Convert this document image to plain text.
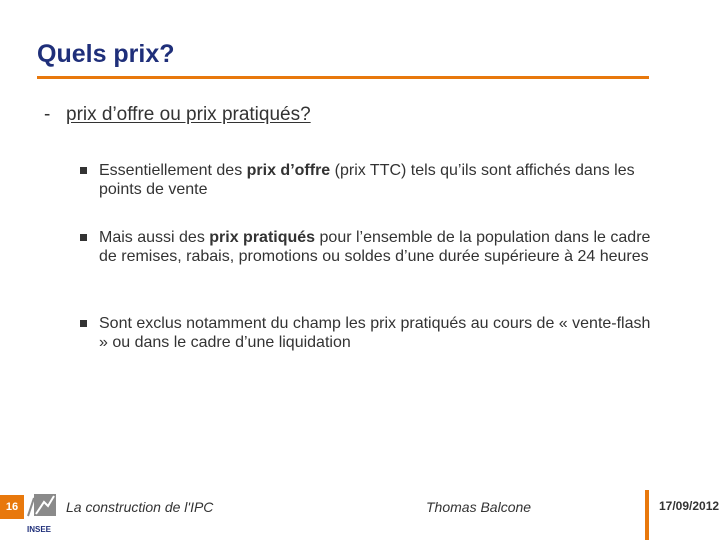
Quels prix?
- prix d’offre ou prix pratiqués?
Essentiellement des prix d’offre (prix TTC) tels qu’ils sont affichés dans les points de vente
Mais aussi des prix pratiqués pour l’ensemble de la population dans le cadre de remises, rabais, promotions ou soldes d’une durée supérieure à 24 heures
Sont exclus notamment du champ les prix pratiqués au cours de « vente-flash » ou dans le cadre d’une liquidation
16
INSEE
La construction de l'IPC	Thomas Balcone	17/09/2012
